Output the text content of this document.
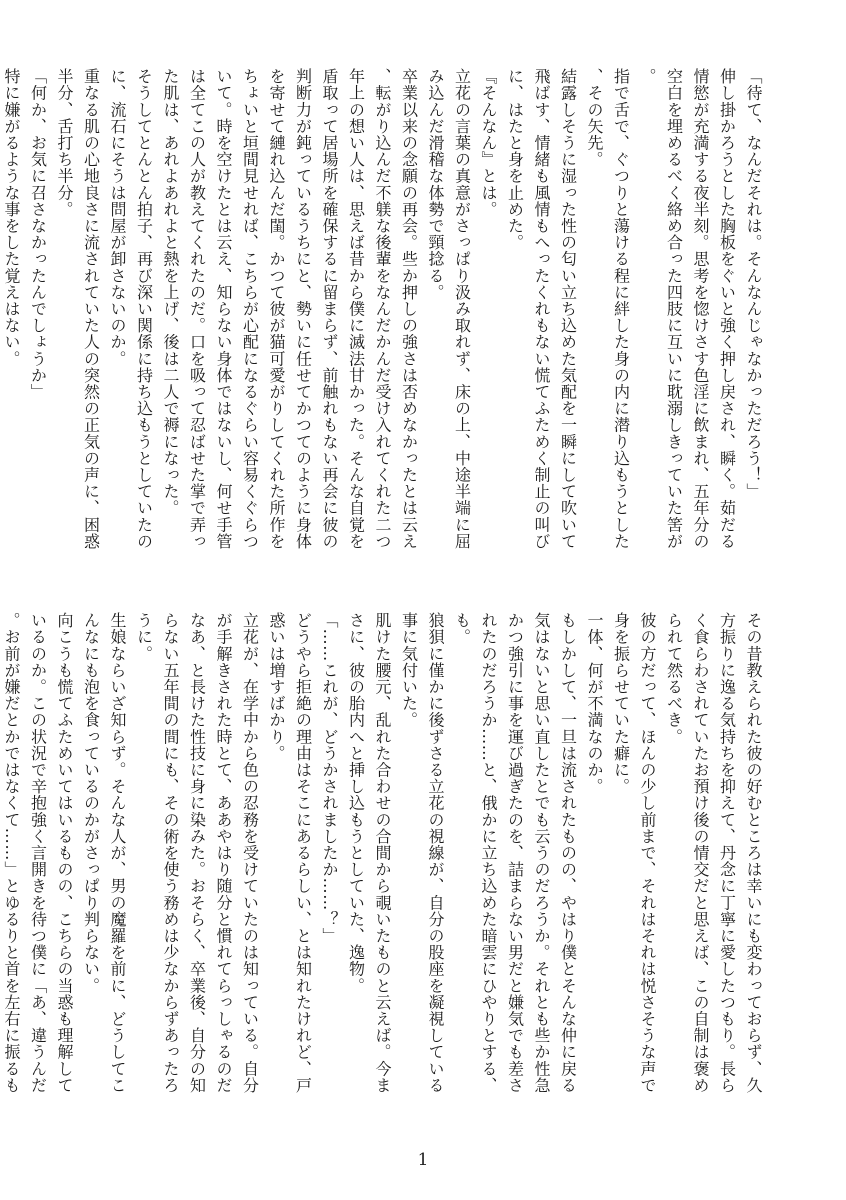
「待て、なんだそれは。そんなんじゃなかっただろう！」

伸し掛かろうとした胸板をぐいと強く押し戻され、瞬く。茹だる情慾が充満する夜半刻。思考を惚けさす色淫に飲まれ、五年分の空白を埋めるべく絡め合った四肢に互いに耽溺しきっていた筈が。

指で舌で、ぐつりと蕩ける程に絆した身の内に潜り込もうとした、その矢先。

結露しそうに湿った性の匂い立ち込めた気配を一瞬にして吹いて飛ばす、情緒も風情もへったくれもない慌てふためく制止の叫びに、はたと身を止めた。

『そんなん』とは。

立花の言葉の真意がさっぱり汲み取れず、床の上、中途半端に屈み込んだ滑稽な体勢で頸捻る。

卒業以来の念願の再会。些か押しの強さは否めなかったとは云え、転がり込んだ不躾な後輩をなんだかんだ受け入れてくれた二つ年上の想い人は、思えば昔から僕に滅法甘かった。そんな自覚を盾取って居場所を確保するに留まらず、前触れもない再会に彼の判断力が鈍っているうちにと、勢いに任せてかつてのように身体を寄せて縺れ込んだ閨。かつて彼が猫可愛がりしてくれた所作をちょいと垣間見せれば、こちらが心配になるぐらい容易くぐらついて。時を空けたとは云え、知らない身体ではないし、何せ手管は全てこの人が教えてくれたのだ。口を吸って忍ばせた掌で弄った肌は、あれよあれよと熱を上げ、後は二人で褥になった。

そうしてとんとん拍子、再び深い関係に持ち込もうとしていたのに、流石にそうは問屋が卸さないのか。

重なる肌の心地良さに流されていた人の突然の正気の声に、困惑半分、舌打ち半分。

「何か、お気に召さなかったんでしょうか」

特に嫌がるような事をした覚えはない。

その昔教えられた彼の好むところは幸いにも変わっておらず、久方振りに逸る気持ちを抑えて、丹念に丁寧に愛したつもり。長らく食らわされていたお預け後の情交だと思えば、この自制は褒められて然るべき。

彼の方だって、ほんの少し前まで、それはそれは悦さそうな声で身を振らせていた癖に。

一体、何が不満なのか。

もしかして、一旦は流されたものの、やはり僕とそんな仲に戻る気はないと思い直したとでも云うのだろうか。それとも些か性急かつ強引に事を運び過ぎたのを、詰まらない男だと嫌気でも差されたのだろうか……と、俄かに立ち込めた暗雲にひやりとする、も。

狼狽に僅かに後ずさる立花の視線が、自分の股座を凝視している事に気付いた。

肌けた腰元、乱れた合わせの合間から覗いたものと云えば。今まさに、彼の胎内へと挿し込もうとしていた、逸物。

「……これが、どうかされましたか……？」

どうやら拒絶の理由はそこにあるらしい、とは知れたけれど、戸惑いは増すばかり。

立花が、在学中から色の忍務を受けていたのは知っている。自分が手解きされた時とて、ああやはり随分と慣れてらっしゃるのだなあ、と長けた性技に身に染みた。おそらく、卒業後、自分の知らない五年間の間にも、その術を使う務めは少なからずあったろうに。

生娘ならいざ知らず。そんな人が、男の魔羅を前に、どうしてこんなにも泡を食っているのかがさっぱり判らない。

向こうも慌てふためいてはいるものの、こちらの当惑も理解しているのか。この状況で辛抱強く言開きを待つ僕に「あ、違うんだ。お前が嫌だとかではなくて……」とゆるりと首を左右に振るも

1
